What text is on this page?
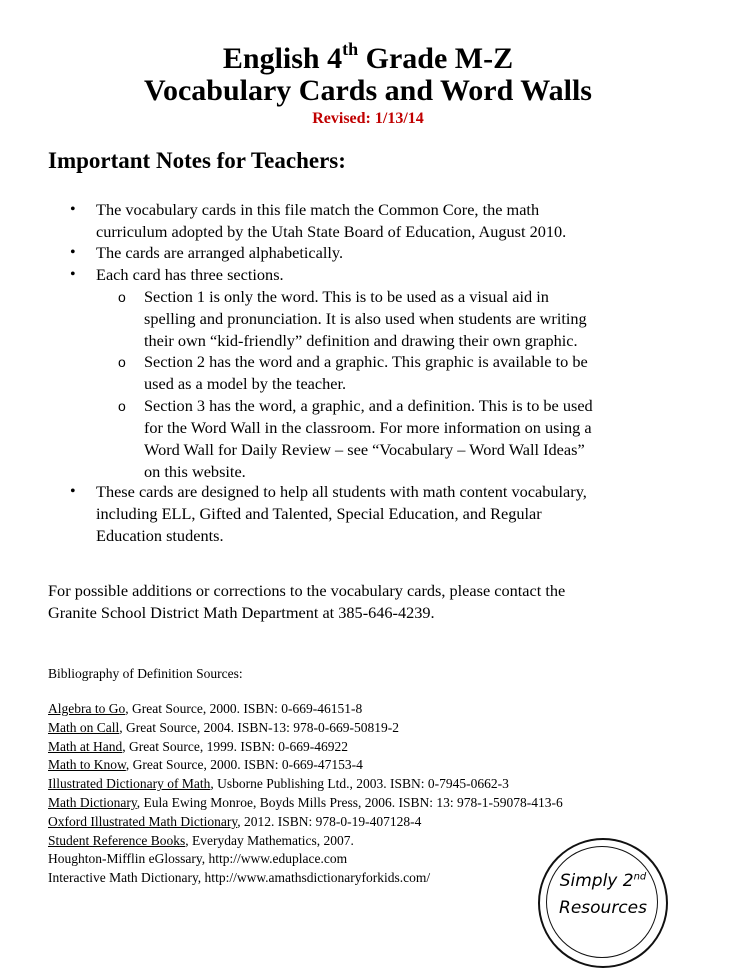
English 4th Grade M-Z
Vocabulary Cards and Word Walls
Revised: 1/13/14
Important Notes for Teachers:
• The vocabulary cards in this file match the Common Core, the math
curriculum adopted by the Utah State Board of Education, August 2010.
• The cards are arranged alphabetically.
• Each card has three sections.
o Section 1 is only the word. This is to be used as a visual aid in
spelling and pronunciation. It is also used when students are writing
their own “kid-friendly” definition and drawing their own graphic.
o Section 2 has the word and a graphic. This graphic is available to be
used as a model by the teacher.
o Section 3 has the word, a graphic, and a definition. This is to be used
for the Word Wall in the classroom. For more information on using a
Word Wall for Daily Review – see “Vocabulary – Word Wall Ideas”
on this website.
• These cards are designed to help all students with math content vocabulary,
including ELL, Gifted and Talented, Special Education, and Regular
Education students.
For possible additions or corrections to the vocabulary cards, please contact the
Granite School District Math Department at 385-646-4239.
Bibliography of Definition Sources:
Algebra to Go, Great Source, 2000. ISBN: 0-669-46151-8
Math on Call, Great Source, 2004. ISBN-13: 978-0-669-50819-2
Math at Hand, Great Source, 1999. ISBN: 0-669-46922
Math to Know, Great Source, 2000. ISBN: 0-669-47153-4
Illustrated Dictionary of Math, Usborne Publishing Ltd., 2003. ISBN: 0-7945-0662-3
Math Dictionary, Eula Ewing Monroe, Boyds Mills Press, 2006. ISBN: 13: 978-1-59078-413-6
Oxford Illustrated Math Dictionary, 2012. ISBN: 978-0-19-407128-4
Student Reference Books, Everyday Mathematics, 2007.
Houghton-Mifflin eGlossary, http://www.eduplace.com
Interactive Math Dictionary, http://www.amathsdictionaryforkids.com/	Simply 2nd
Resources
